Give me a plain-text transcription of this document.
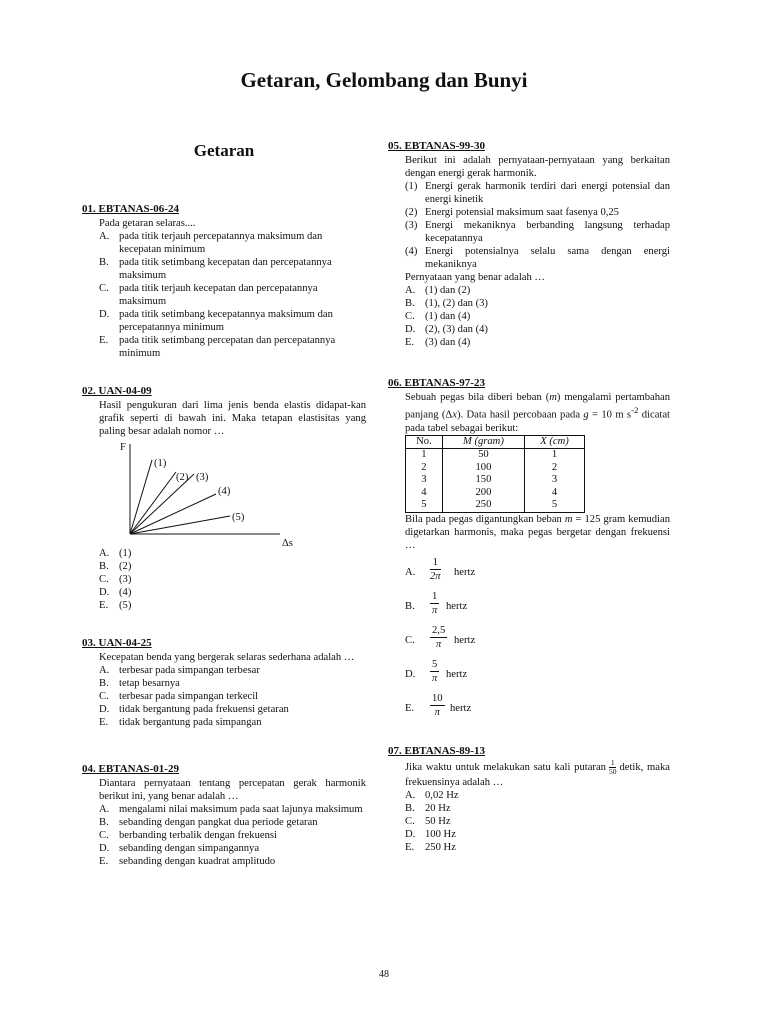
Getaran, Gelombang dan Bunyi
Getaran
01. EBTANAS-06-24
Pada getaran selaras....
A. pada titik terjauh percepatannya maksimum dan kecepatan minimum
B. pada titik setimbang kecepatan dan percepatannya maksimum
C. pada titik terjauh kecepatan dan percepatannya maksimum
D. pada titik setimbang kecepatannya maksimum dan percepatannya minimum
E. pada titik setimbang percepatan dan percepatannya minimum
02. UAN-04-09
Hasil pengukuran dari lima jenis benda elastis didapat-kan grafik seperti di bawah ini. Maka tetapan elastisitas yang paling besar adalah nomor …
F
Δs
(1)
(2) (3)
(4)
(5)
A. (1)
B. (2)
C. (3)
D. (4)
E. (5)
03. UAN-04-25
Kecepatan benda yang bergerak selaras sederhana adalah …
A. terbesar pada simpangan terbesar
B. tetap besarnya
C. terbesar pada simpangan terkecil
D. tidak bergantung pada frekuensi getaran
E. tidak bergantung pada simpangan
04. EBTANAS-01-29
Diantara pernyataan tentang percepatan gerak harmonik berikut ini, yang benar adalah …
A. mengalami nilai maksimum pada saat lajunya maksimum
B. sebanding dengan pangkat dua periode getaran
C. berbanding terbalik dengan frekuensi
D. sebanding dengan simpangannya
E. sebanding dengan kuadrat amplitudo
05. EBTANAS-99-30
Berikut ini adalah pernyataan-pernyataan yang berkaitan dengan energi gerak harmonik.
(1) Energi gerak harmonik terdiri dari energi potensial dan energi kinetik
(2) Energi potensial maksimum saat fasenya 0,25
(3) Energi mekaniknya berbanding langsung terhadap kecepatannya
(4) Energi potensialnya selalu sama dengan energi mekaniknya
Pernyataan yang benar adalah …
A. (1) dan (2)
B. (1), (2) dan (3)
C. (1) dan (4)
D. (2), (3) dan (4)
E. (3) dan (4)
06. EBTANAS-97-23
Sebuah pegas bila diberi beban (m) mengalami pertambahan panjang (Δx). Data hasil percobaan pada g = 10 m $s^{-2}$ dicatat pada tabel sebagai berikut:
No.	M (gram)	X (cm)
1	50	1
2	100	2
3	150	3
4	200	4
5	250	5
Bila pada pegas digantungkan beban m = 125 gram kemudian digetarkan harmonis, maka pegas bergetar dengan frekuensi …
A. $\frac{1}{2\pi}$ hertz
B. $\frac{1}{\pi}$ hertz
C. $\frac{2,5}{\pi}$ hertz
D. $\frac{5}{\pi}$ hertz
E. $\frac{10}{\pi}$ hertz
07. EBTANAS-89-13
Jika waktu untuk melakukan satu kali putaran $\frac{1}{50}$ detik, maka frekuensinya adalah …
A. 0,02 Hz
B. 20 Hz
C. 50 Hz
D. 100 Hz
E. 250 Hz
48
